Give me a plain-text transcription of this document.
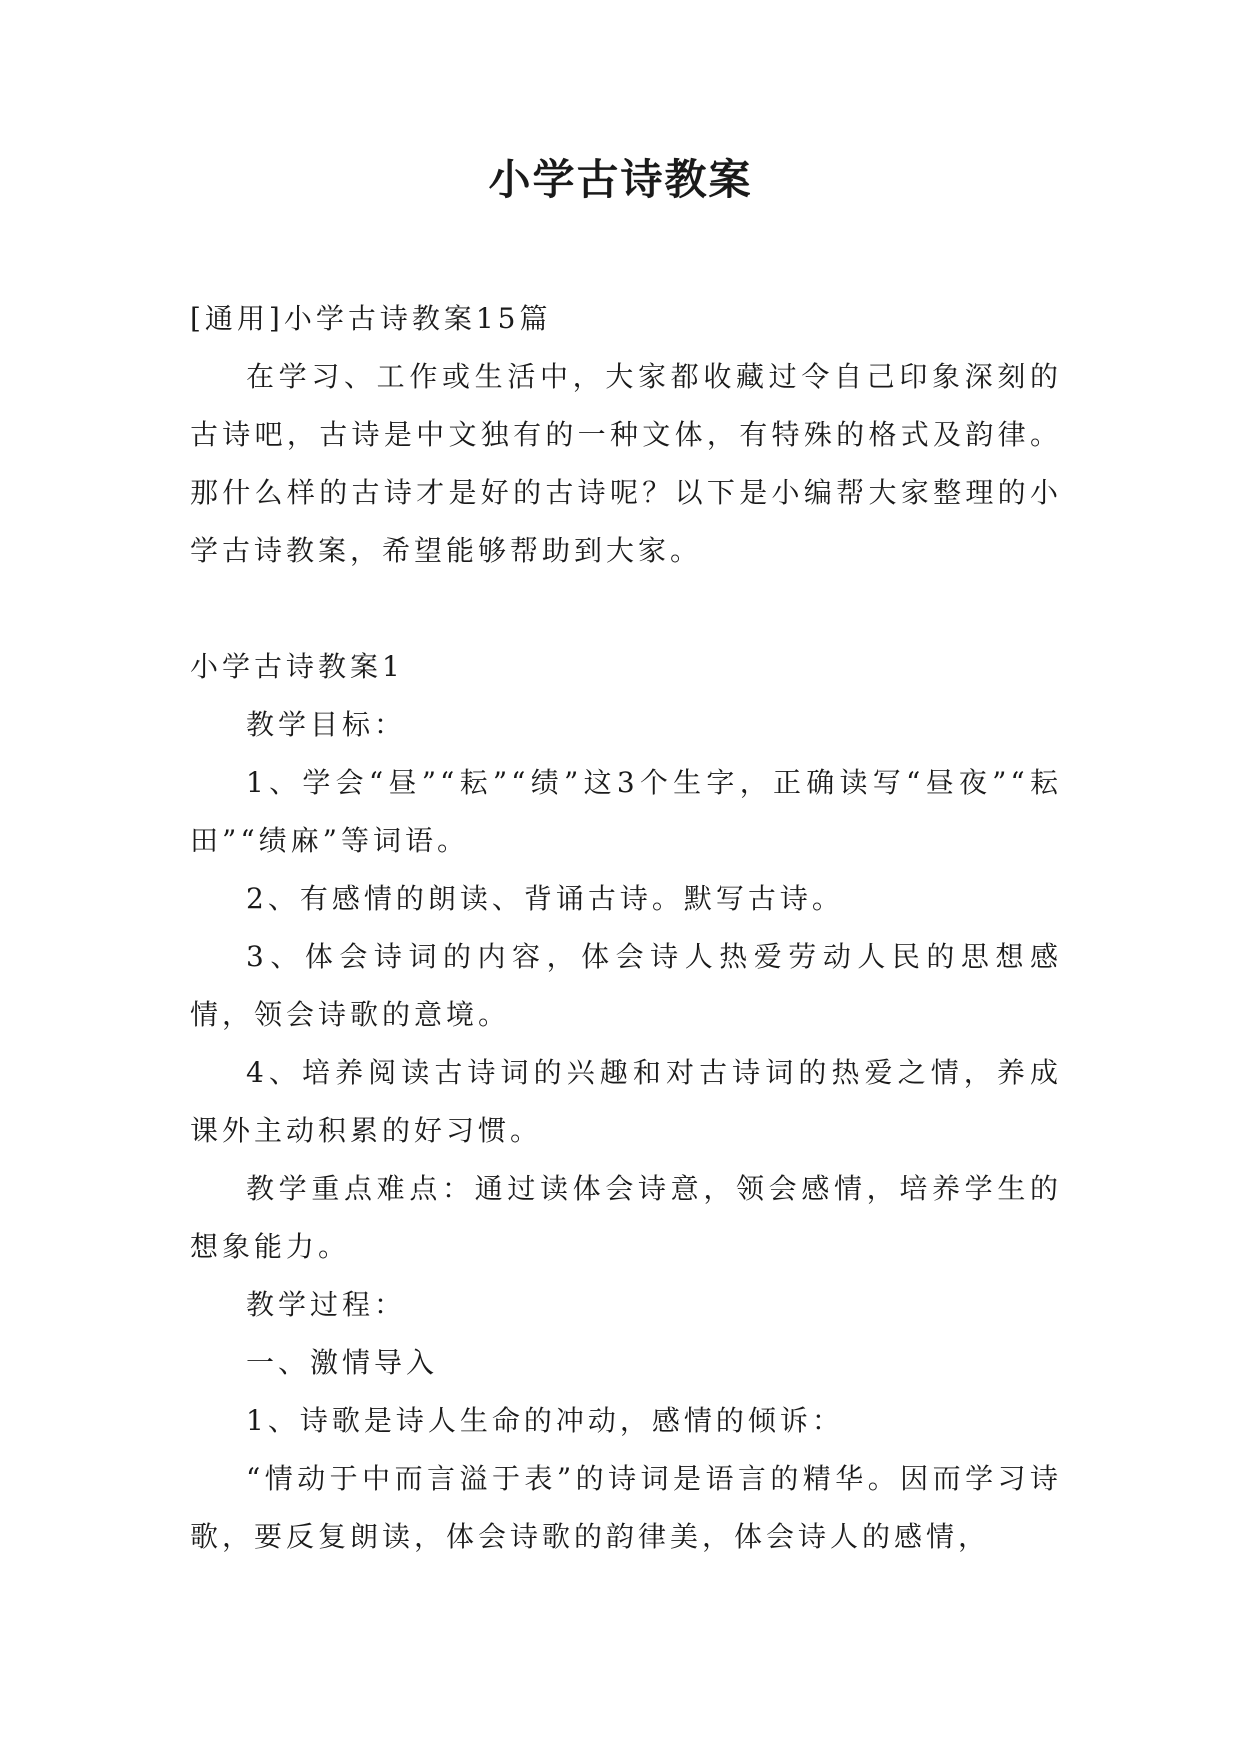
小学古诗教案

[通用]小学古诗教案15篇

在学习、工作或生活中，大家都收藏过令自己印象深刻的古诗吧，古诗是中文独有的一种文体，有特殊的格式及韵律。那什么样的古诗才是好的古诗呢？以下是小编帮大家整理的小学古诗教案，希望能够帮助到大家。

小学古诗教案1

教学目标：

1、学会“昼”“耘”“绩”这3个生字，正确读写“昼夜”“耘田”“绩麻”等词语。

2、有感情的朗读、背诵古诗。默写古诗。

3、体会诗词的内容，体会诗人热爱劳动人民的思想感情，领会诗歌的意境。

4、培养阅读古诗词的兴趣和对古诗词的热爱之情，养成课外主动积累的好习惯。

教学重点难点：通过读体会诗意，领会感情，培养学生的想象能力。

教学过程：

一、激情导入

1、诗歌是诗人生命的冲动，感情的倾诉：

“情动于中而言溢于表”的诗词是语言的精华。因而学习诗歌，要反复朗读，体会诗歌的韵律美，体会诗人的感情，
